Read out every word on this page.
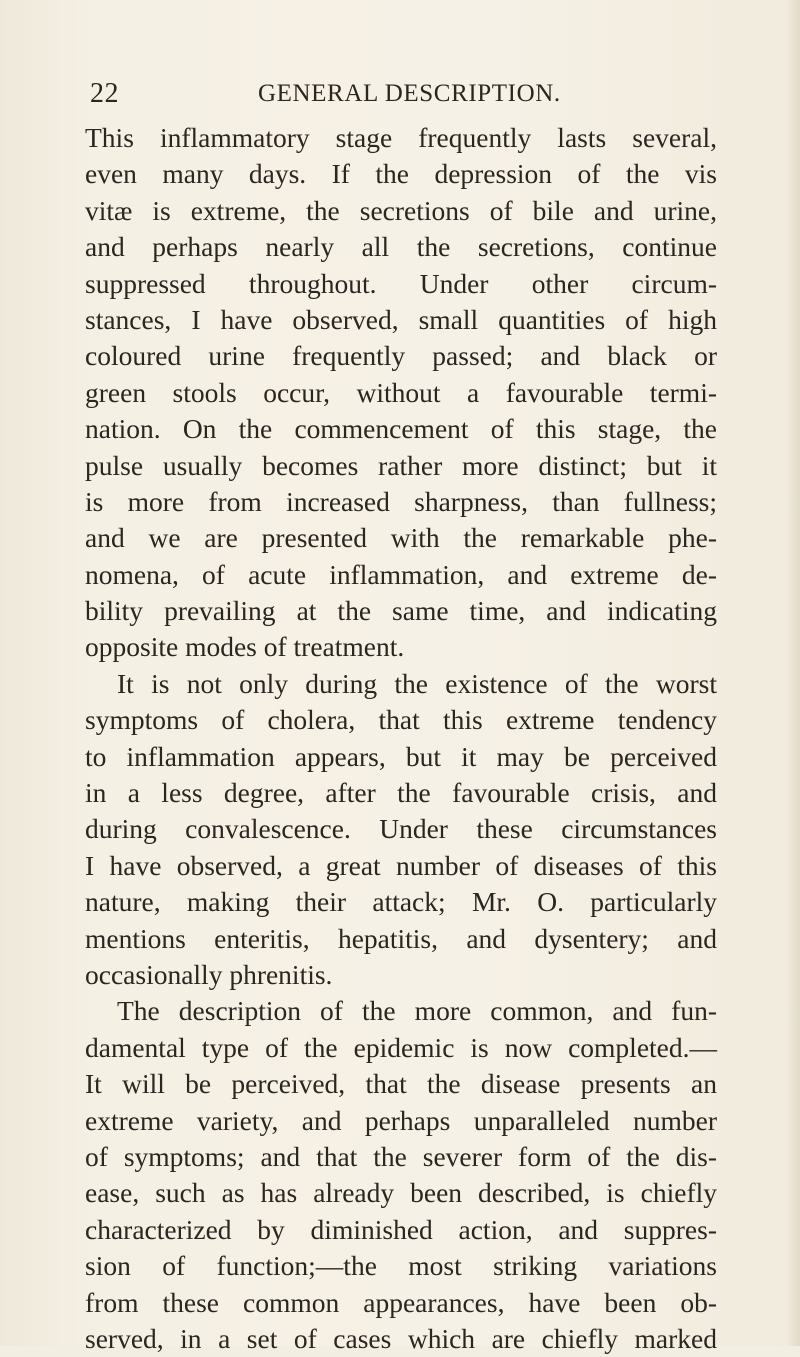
22	GENERAL DESCRIPTION.
This inflammatory stage frequently lasts several,
even many days. If the depression of the vis
vitæ is extreme, the secretions of bile and urine,
and perhaps nearly all the secretions, continue
suppressed throughout. Under other circum-
stances, I have observed, small quantities of high
coloured urine frequently passed; and black or
green stools occur, without a favourable termi-
nation. On the commencement of this stage, the
pulse usually becomes rather more distinct; but it
is more from increased sharpness, than fullness;
and we are presented with the remarkable phe-
nomena, of acute inflammation, and extreme de-
bility prevailing at the same time, and indicating
opposite modes of treatment.
It is not only during the existence of the worst
symptoms of cholera, that this extreme tendency
to inflammation appears, but it may be perceived
in a less degree, after the favourable crisis, and
during convalescence. Under these circumstances
I have observed, a great number of diseases of this
nature, making their attack; Mr. O. particularly
mentions enteritis, hepatitis, and dysentery; and
occasionally phrenitis.
The description of the more common, and fun-
damental type of the epidemic is now completed.—
It will be perceived, that the disease presents an
extreme variety, and perhaps unparalleled number
of symptoms; and that the severer form of the dis-
ease, such as has already been described, is chiefly
characterized by diminished action, and suppres-
sion of function;—the most striking variations
from these common appearances, have been ob-
served, in a set of cases which are chiefly marked
